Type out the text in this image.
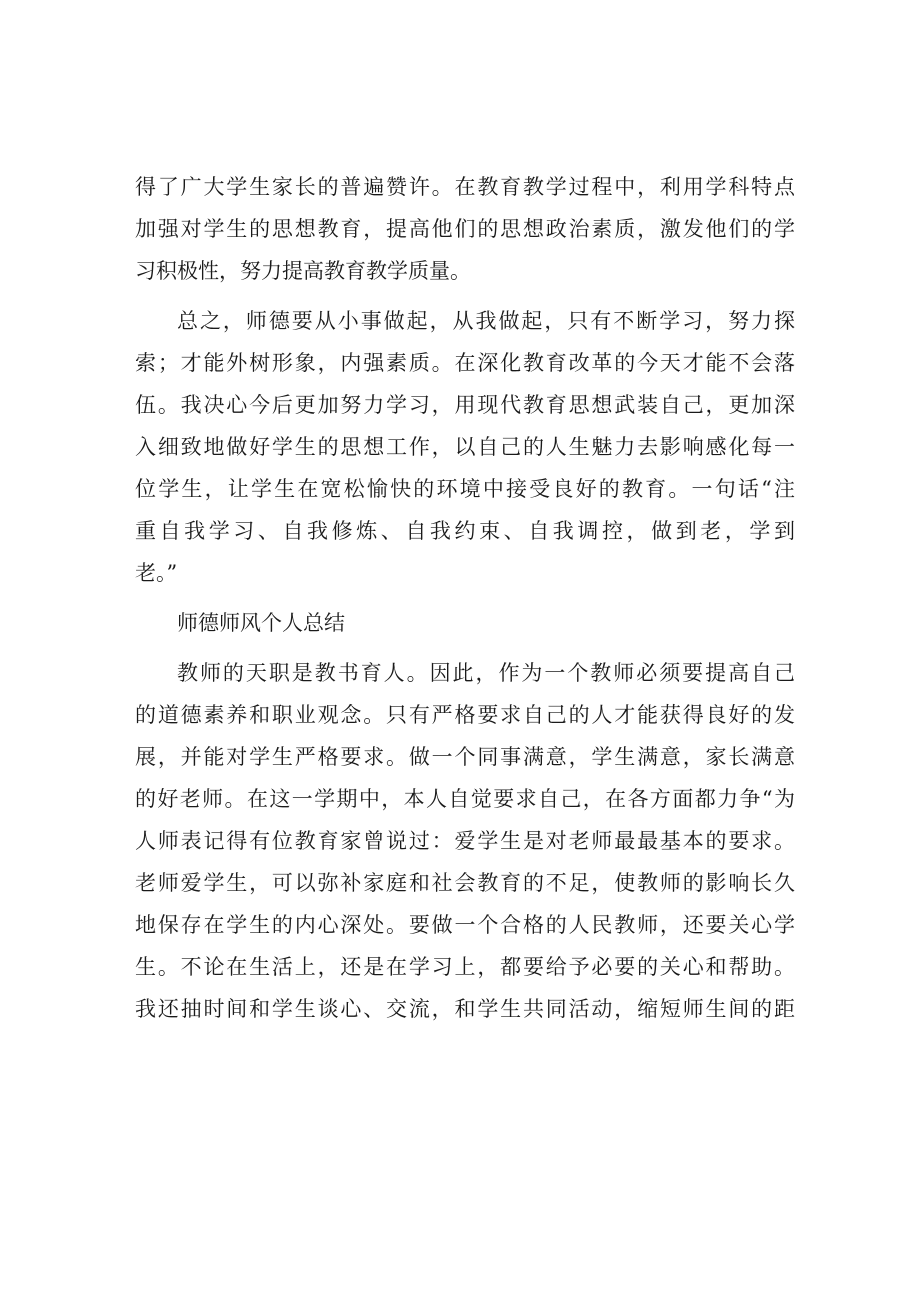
得了广大学生家长的普遍赞许。在教育教学过程中，利用学科特点
加强对学生的思想教育，提高他们的思想政治素质，激发他们的学
习积极性，努力提高教育教学质量。
总之，师德要从小事做起，从我做起，只有不断学习，努力探
索；才能外树形象，内强素质。在深化教育改革的今天才能不会落
伍。我决心今后更加努力学习，用现代教育思想武装自己，更加深
入细致地做好学生的思想工作，以自己的人生魅力去影响感化每一
位学生，让学生在宽松愉快的环境中接受良好的教育。一句话“注
重自我学习、自我修炼、自我约束、自我调控，做到老，学到
老。”
师德师风个人总结
教师的天职是教书育人。因此，作为一个教师必须要提高自己
的道德素养和职业观念。只有严格要求自己的人才能获得良好的发
展，并能对学生严格要求。做一个同事满意，学生满意，家长满意
的好老师。在这一学期中，本人自觉要求自己，在各方面都力争“为
人师表记得有位教育家曾说过：爱学生是对老师最最基本的要求。
老师爱学生，可以弥补家庭和社会教育的不足，使教师的影响长久
地保存在学生的内心深处。要做一个合格的人民教师，还要关心学
生。不论在生活上，还是在学习上，都要给予必要的关心和帮助。
我还抽时间和学生谈心、交流，和学生共同活动，缩短师生间的距
